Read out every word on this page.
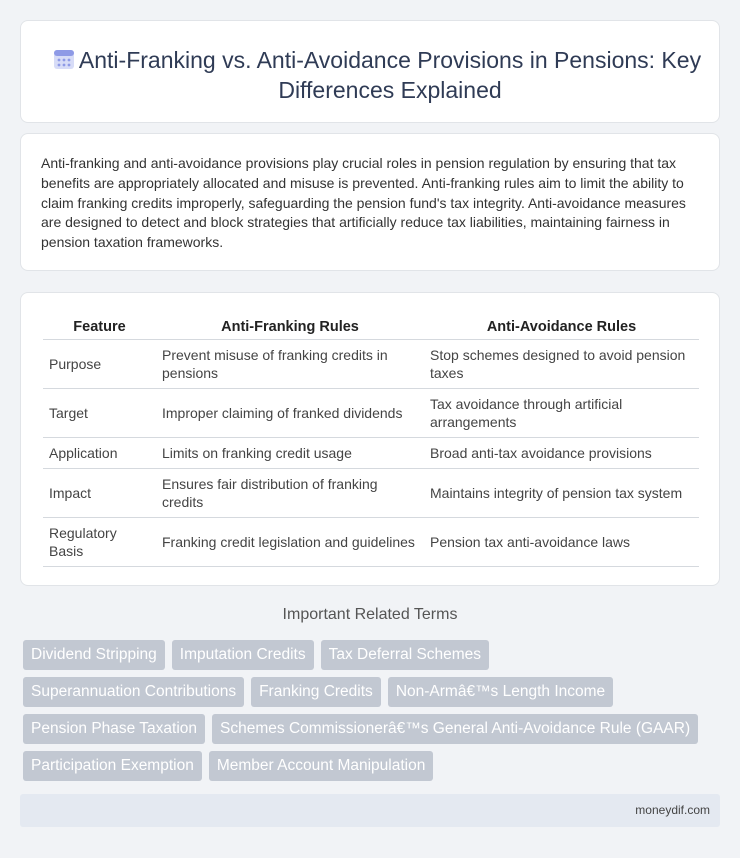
Anti-Franking vs. Anti-Avoidance Provisions in Pensions: Key Differences Explained

Anti-franking and anti-avoidance provisions play crucial roles in pension regulation by ensuring that tax benefits are appropriately allocated and misuse is prevented. Anti-franking rules aim to limit the ability to claim franking credits improperly, safeguarding the pension fund's tax integrity. Anti-avoidance measures are designed to detect and block strategies that artificially reduce tax liabilities, maintaining fairness in pension taxation frameworks.

Feature	Anti-Franking Rules	Anti-Avoidance Rules
Purpose	Prevent misuse of franking credits in pensions	Stop schemes designed to avoid pension taxes
Target	Improper claiming of franked dividends	Tax avoidance through artificial arrangements
Application	Limits on franking credit usage	Broad anti-tax avoidance provisions
Impact	Ensures fair distribution of franking credits	Maintains integrity of pension tax system
Regulatory Basis	Franking credit legislation and guidelines	Pension tax anti-avoidance laws
Important Related Terms
Dividend Stripping	Imputation Credits	Tax Deferral Schemes
Superannuation Contributions	Franking Credits	Non-Armâ€™s Length Income
Pension Phase Taxation	Schemes Commissionerâ€™s General Anti-Avoidance Rule (GAAR)
Participation Exemption	Member Account Manipulation
moneydif.com
